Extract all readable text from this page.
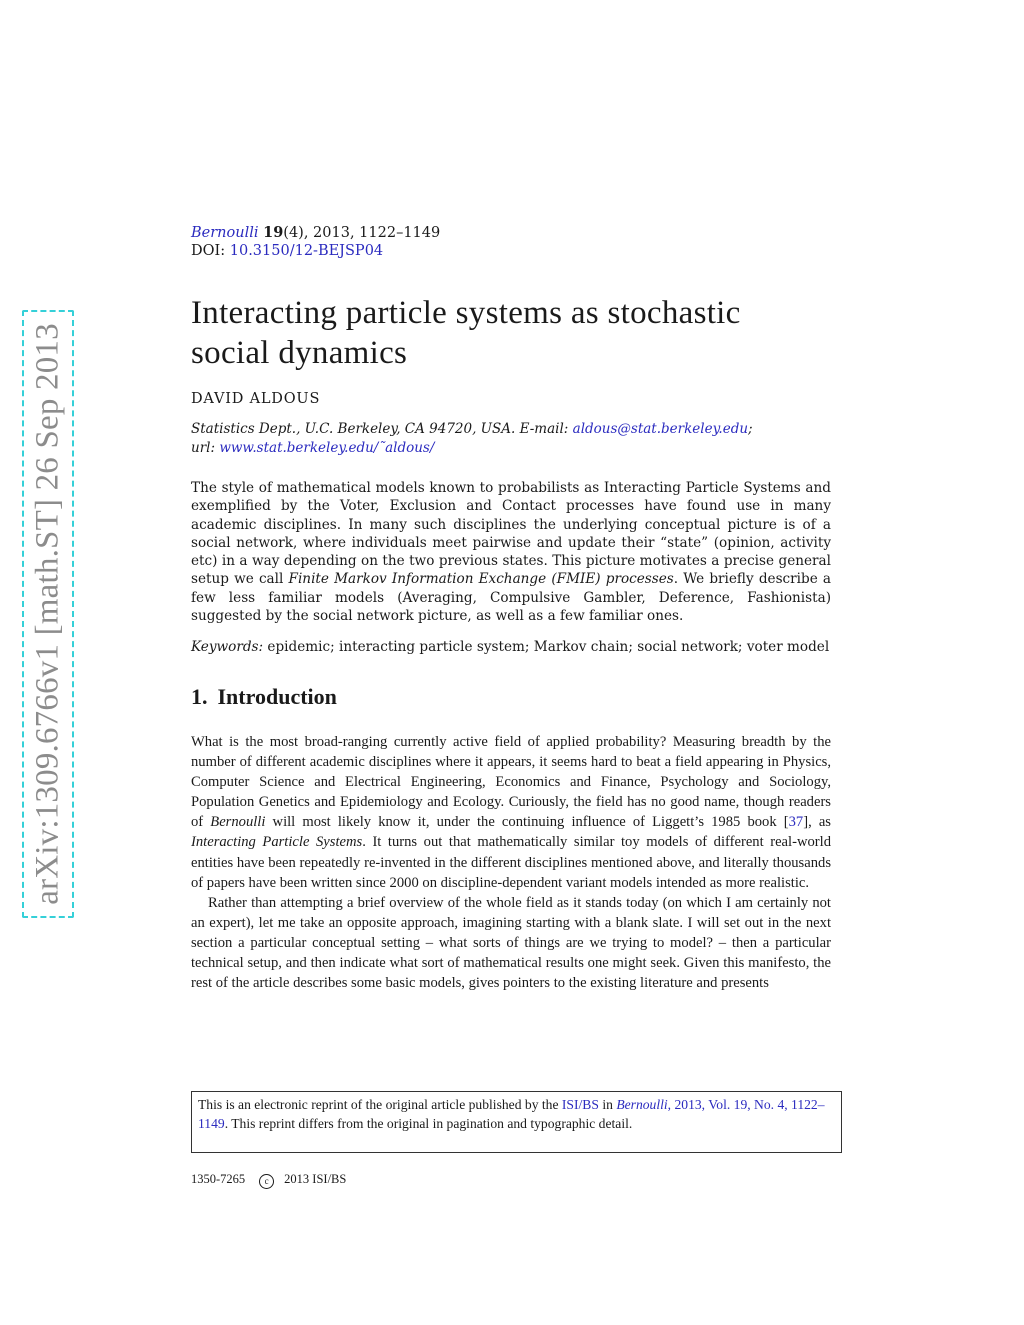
arXiv:1309.6766v1 [math.ST] 26 Sep 2013
Bernoulli 19(4), 2013, 1122–1149
DOI: 10.3150/12-BEJSP04
Interacting particle systems as stochastic
social dynamics
DAVID ALDOUS
Statistics Dept., U.C. Berkeley, CA 94720, USA. E-mail: aldous@stat.berkeley.edu;
url: www.stat.berkeley.edu/˜aldous/

The style of mathematical models known to probabilists as Interacting Particle Systems and exemplified by the Voter, Exclusion and Contact processes have found use in many academic disciplines. In many such disciplines the underlying conceptual picture is of a social network, where individuals meet pairwise and update their “state” (opinion, activity etc) in a way depending on the two previous states. This picture motivates a precise general setup we call Finite Markov Information Exchange (FMIE) processes. We briefly describe a few less familiar models (Averaging, Compulsive Gambler, Deference, Fashionista) suggested by the social network picture, as well as a few familiar ones.

Keywords: epidemic; interacting particle system; Markov chain; social network; voter model
1. Introduction

What is the most broad-ranging currently active field of applied probability? Measuring breadth by the number of different academic disciplines where it appears, it seems hard to beat a field appearing in Physics, Computer Science and Electrical Engineering, Economics and Finance, Psychology and Sociology, Population Genetics and Epidemiology and Ecology. Curiously, the field has no good name, though readers of Bernoulli will most likely know it, under the continuing influence of Liggett’s 1985 book [37], as Interacting Particle Systems. It turns out that mathematically similar toy models of different real-world entities have been repeatedly re-invented in the different disciplines mentioned above, and literally thousands of papers have been written since 2000 on discipline-dependent variant models intended as more realistic.

Rather than attempting a brief overview of the whole field as it stands today (on which I am certainly not an expert), let me take an opposite approach, imagining starting with a blank slate. I will set out in the next section a particular conceptual setting – what sorts of things are we trying to model? – then a particular technical setup, and then indicate what sort of mathematical results one might seek. Given this manifesto, the rest of the article describes some basic models, gives pointers to the existing literature and presents

This is an electronic reprint of the original article published by the ISI/BS in Bernoulli, 2013, Vol. 19, No. 4, 1122–1149. This reprint differs from the original in pagination and typographic detail.
1350-7265 c 2013 ISI/BS
